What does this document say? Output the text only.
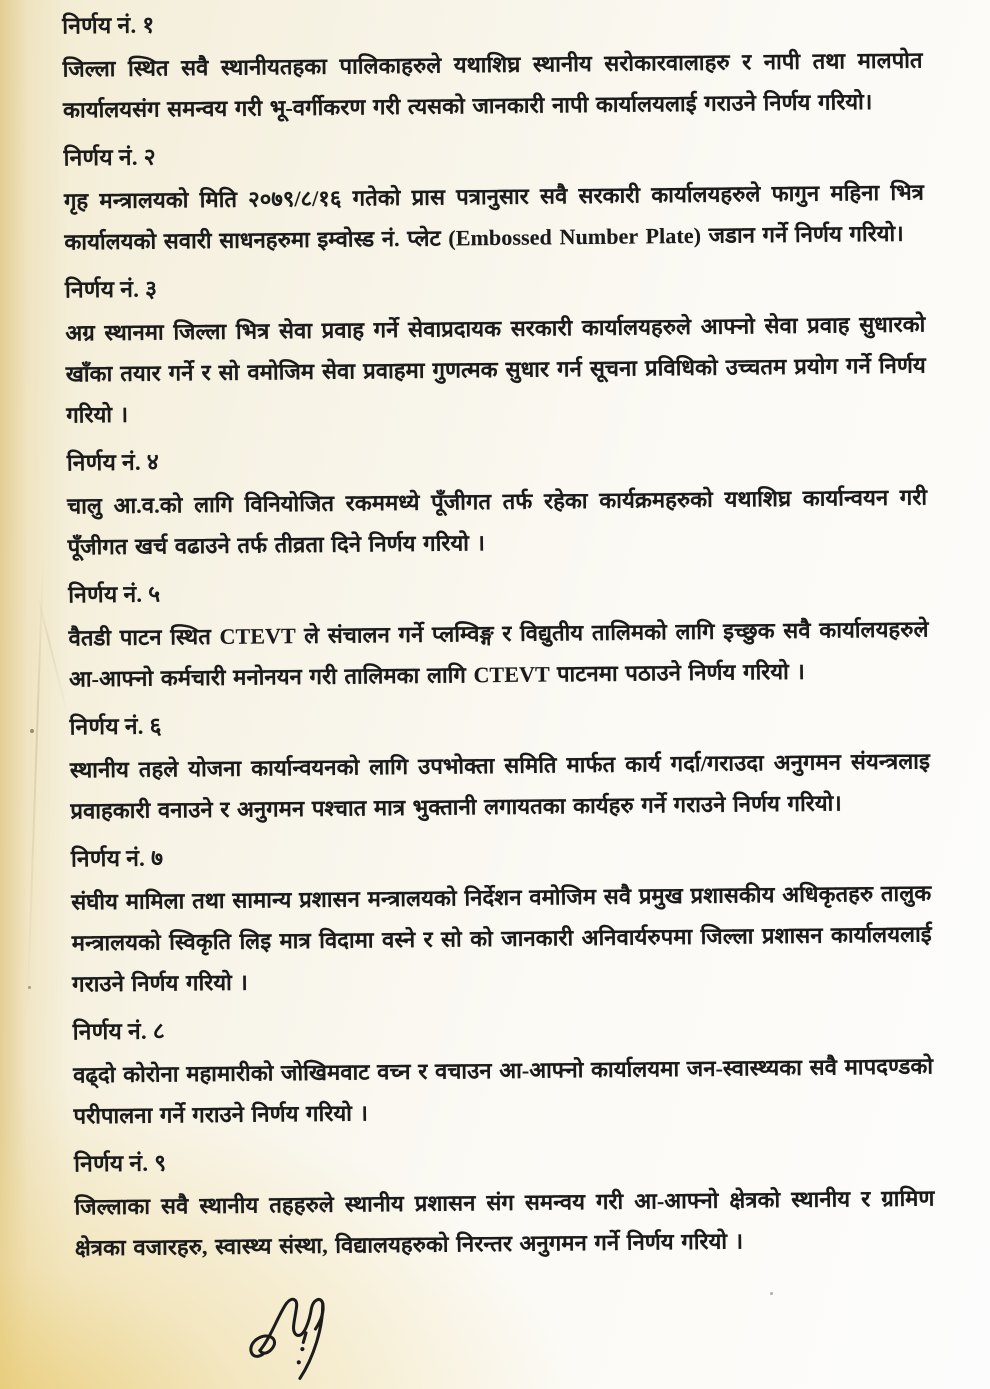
निर्णय नं. १

जिल्ला स्थित सवै स्थानीयतहका पालिकाहरुले यथाशिघ्र स्थानीय सरोकारवालाहरु र नापी तथा मालपोत कार्यालयसंग समन्वय गरी भू-वर्गीकरण गरी त्यसको जानकारी नापी कार्यालयलाई गराउने निर्णय गरियो।

निर्णय नं. २

गृह मन्त्रालयको मिति २०७९/८/१६ गतेको प्रास पत्रानुसार सवै सरकारी कार्यालयहरुले फागुन महिना भित्र कार्यालयको सवारी साधनहरुमा इम्वोस्ड नं. प्लेट (Embossed Number Plate) जडान गर्ने निर्णय गरियो।

निर्णय नं. ३

अग्र स्थानमा जिल्ला भित्र सेवा प्रवाह गर्ने सेवाप्रदायक सरकारी कार्यालयहरुले आफ्नो सेवा प्रवाह सुधारको खाँका तयार गर्ने र सो वमोजिम सेवा प्रवाहमा गुणत्मक सुधार गर्न सूचना प्रविधिको उच्चतम प्रयोग गर्ने निर्णय गरियो ।

निर्णय नं. ४

चालु आ.व.को लागि विनियोजित रकममध्ये पूँजीगत तर्फ रहेका कार्यक्रमहरुको यथाशिघ्र कार्यान्वयन गरी पूँजीगत खर्च वढाउने तर्फ तीव्रता दिने निर्णय गरियो ।

निर्णय नं. ५

वैतडी पाटन स्थित CTEVT ले संचालन गर्ने प्लम्विङ्ग र विद्युतीय तालिमको लागि इच्छुक सवै कार्यालयहरुले आ-आफ्नो कर्मचारी मनोनयन गरी तालिमका लागि CTEVT पाटनमा पठाउने निर्णय गरियो ।

निर्णय नं. ६

स्थानीय तहले योजना कार्यान्वयनको लागि उपभोक्ता समिति मार्फत कार्य गर्दा/गराउदा अनुगमन संयन्त्रलाइ प्रवाहकारी वनाउने र अनुगमन पश्चात मात्र भुक्तानी लगायतका कार्यहरु गर्ने गराउने निर्णय गरियो।

निर्णय नं. ७

संघीय मामिला तथा सामान्य प्रशासन मन्त्रालयको निर्देशन वमोजिम सवै प्रमुख प्रशासकीय अधिकृतहरु तालुक मन्त्रालयको स्विकृति लिइ मात्र विदामा वस्ने र सो को जानकारी अनिवार्यरुपमा जिल्ला प्रशासन कार्यालयलाई गराउने निर्णय गरियो ।

निर्णय नं. ८

वढ्दो कोरोना महामारीको जोखिमवाट वच्न र वचाउन आ-आफ्नो कार्यालयमा जन-स्वास्थ्यका सवै मापदण्डको परीपालना गर्ने गराउने निर्णय गरियो ।

निर्णय नं. ९

जिल्लाका सवै स्थानीय तहहरुले स्थानीय प्रशासन संग समन्वय गरी आ-आफ्नो क्षेत्रको स्थानीय र ग्रामिण क्षेत्रका वजारहरु, स्वास्थ्य संस्था, विद्यालयहरुको निरन्तर अनुगमन गर्ने निर्णय गरियो ।
